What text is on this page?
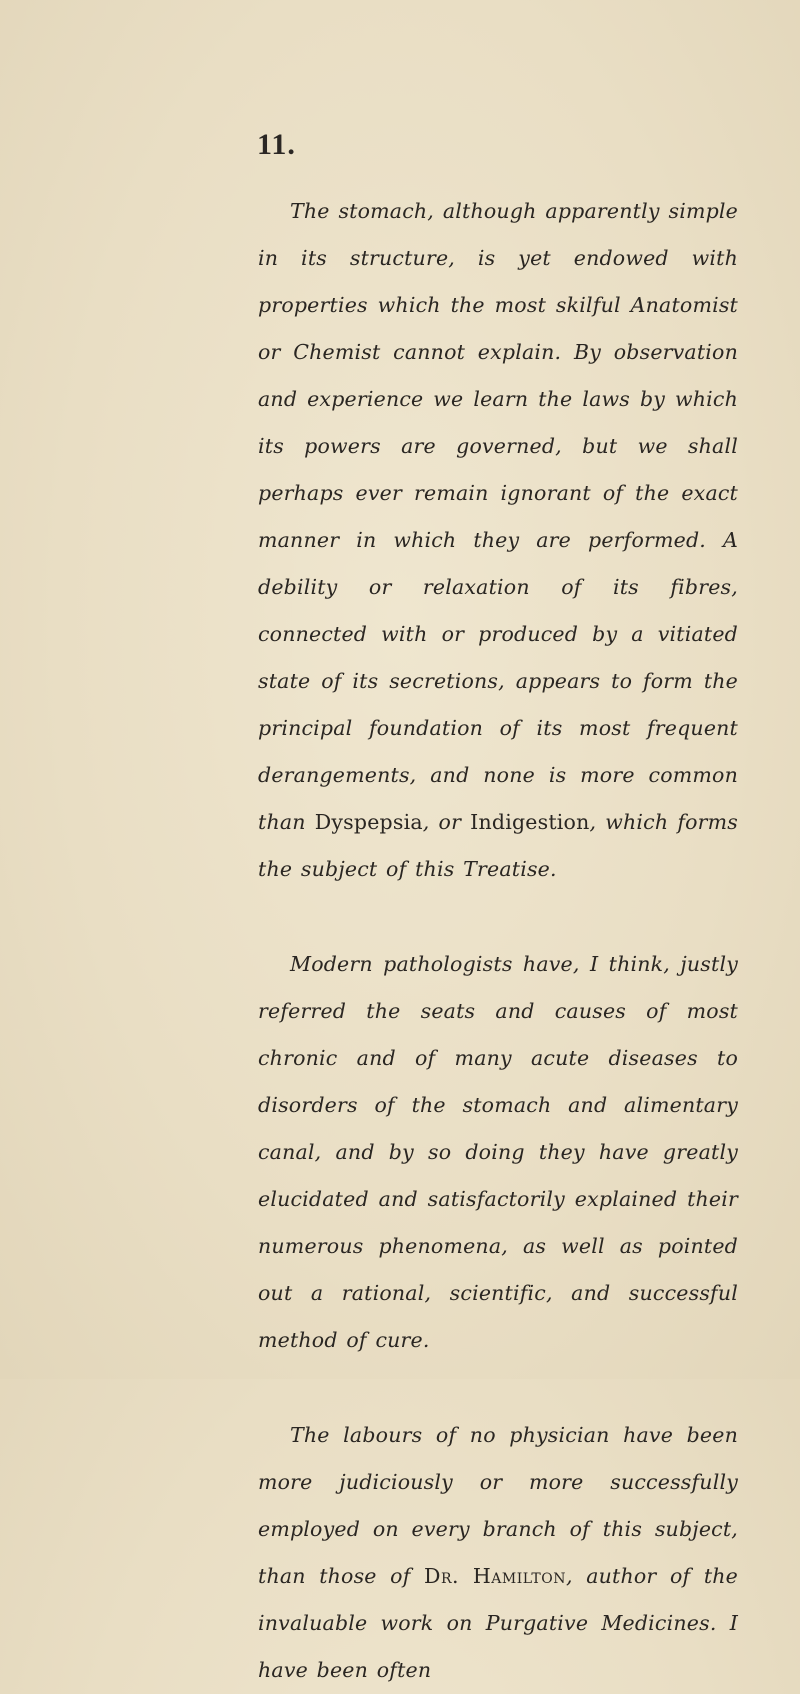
11.

The stomach, although apparently simple in its structure, is yet endowed with properties which the most skilful Anatomist or Chemist cannot explain. By observation and experience we learn the laws by which its powers are governed, but we shall perhaps ever remain ignorant of the exact manner in which they are performed. A debility or relaxation of its fibres, connected with or produced by a vitiated state of its secretions, appears to form the principal foundation of its most frequent derangements, and none is more common than Dyspepsia, or Indigestion, which forms the subject of this Treatise.

Modern pathologists have, I think, justly referred the seats and causes of most chronic and of many acute diseases to disorders of the stomach and alimentary canal, and by so doing they have greatly elucidated and satisfactorily explained their numerous phenomena, as well as pointed out a rational, scientific, and successful method of cure.

The labours of no physician have been more judiciously or more successfully employed on every branch of this subject, than those of Dr. Hamilton, author of the invaluable work on Purgative Medicines. I have been often
